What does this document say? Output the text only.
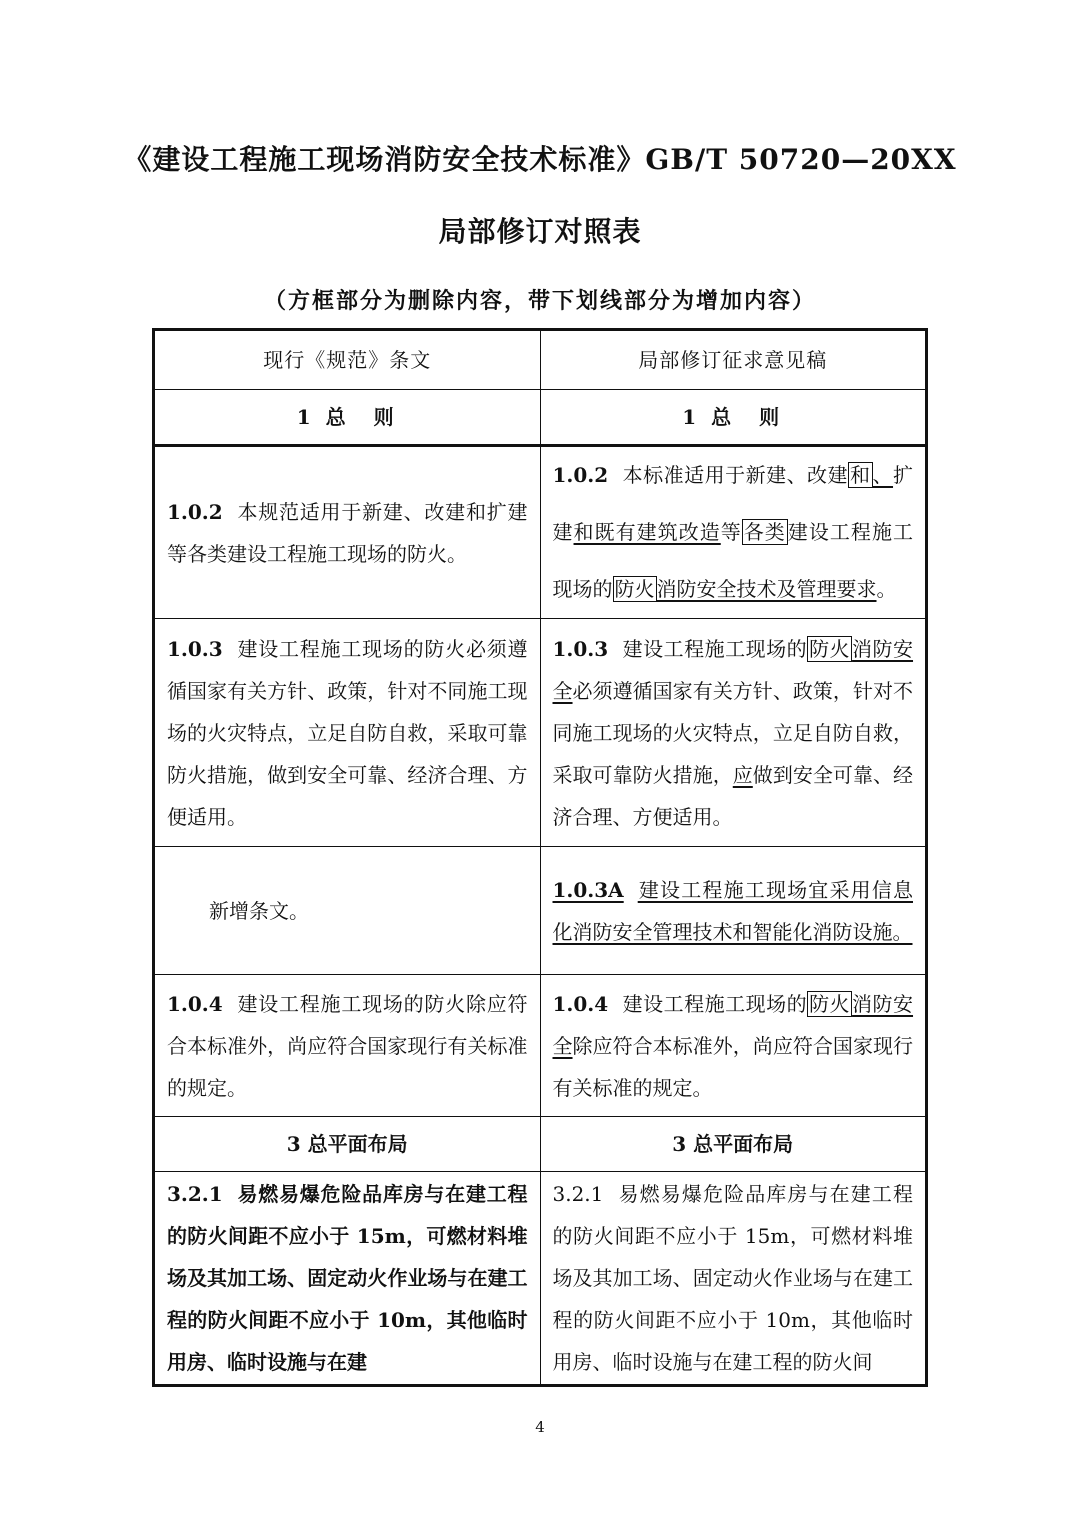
《建设工程施工现场消防安全技术标准》GB/T 50720—20XX
局部修订对照表
（方框部分为删除内容，带下划线部分为增加内容）
现行《规范》条文	局部修订征求意见稿
1 总　则	1 总　则
1.0.2 本规范适用于新建、改建和扩建等各类建设工程施工现场的防火。	1.0.2 本标准适用于新建、改建 和 、扩建和既有建筑改造等 各类 建设工程施工现场的 防火 消防安全技术及管理要求。
1.0.3 建设工程施工现场的防火必须遵循国家有关方针、政策，针对不同施工现场的火灾特点，立足自防自救，采取可靠防火措施，做到安全可靠、经济合理、方便适用。	1.0.3 建设工程施工现场的 防火 消防安全必须遵循国家有关方针、政策，针对不同施工现场的火灾特点，立足自防自救，采取可靠防火措施，应做到安全可靠、经济合理、方便适用。
新增条文。	1.0.3A 建设工程施工现场宜采用信息化消防安全管理技术和智能化消防设施。
1.0.4 建设工程施工现场的防火除应符合本标准外，尚应符合国家现行有关标准的规定。	1.0.4 建设工程施工现场的 防火 消防安全除应符合本标准外，尚应符合国家现行有关标准的规定。
3 总平面布局	3 总平面布局
3.2.1 易燃易爆危险品库房与在建工程的防火间距不应小于 15m，可燃材料堆场及其加工场、固定动火作业场与在建工程的防火间距不应小于 10m，其他临时用房、临时设施与在建	3.2.1 易燃易爆危险品库房与在建工程的防火间距不应小于 15m，可燃材料堆场及其加工场、固定动火作业场与在建工程的防火间距不应小于 10m，其他临时用房、临时设施与在建工程的防火间
4
